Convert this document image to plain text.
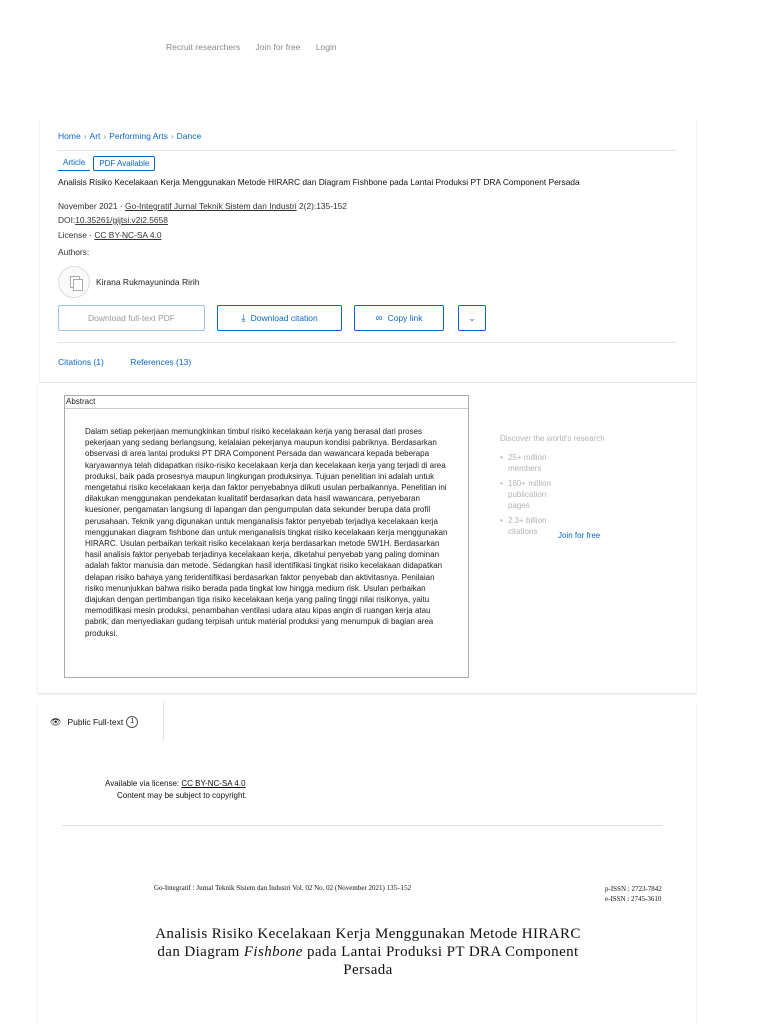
Recruit researchers Join for free Login
Home › Art › Performing Arts › Dance
Article	PDF Available
Analisis Risiko Kecelakaan Kerja Menggunakan Metode HIRARC dan Diagram Fishbone pada Lantai Produksi PT DRA Component Persada
November 2021 · Go-Integratif Jurnal Teknik Sistem dan Industri 2(2):135-152
DOI:10.35261/gijtsi.v2i2.5658
License · CC BY-NC-SA 4.0
Authors:
Kirana Rukmayuninda Ririh
Download full-text PDF	⤓ Download citation	∞ Copy link	⌄
Citations (1)	References (13)
Abstract
Dalam setiap pekerjaan memungkinkan timbul risiko kecelakaan kerja yang berasal dari proses pekerjaan yang sedang berlangsung, kelalaian pekerjanya maupun kondisi pabriknya. Berdasarkan observasi di area lantai produksi PT DRA Component Persada dan wawancara kepada beberapa karyawannya telah didapatkan risiko-risiko kecelakaan kerja dan kecelakaan kerja yang terjadi di area produksi, baik pada prosesnya maupun lingkungan produksinya. Tujuan penelitian ini adalah untuk mengetahui risiko kecelakaan kerja dan faktor penyebabnya diikuti usulan perbaikannya. Penelitian ini dilakukan menggunakan pendekatan kualitatif berdasarkan data hasil wawancara, penyebaran kuesioner, pengamatan langsung di lapangan dan pengumpulan data sekunder berupa data profil perusahaan. Teknik yang digunakan untuk menganalisis faktor penyebab terjadiya kecelakaan kerja menggunakan diagram fishbone dan untuk menganalisis tingkat risiko kecelakaan kerja menggunakan HIRARC. Usulan perbaikan terkait risiko kecelakaan kerja berdasarkan metode 5W1H. Berdasarkan hasil analisis faktor penyebab terjadinya kecelakaan kerja, diketahui penyebab yang paling dominan adalah faktor manusia dan metode. Sedangkan hasil identifikasi tingkat risiko kecelakaan didapatkan delapan risiko bahaya yang teridentifikasi berdasarkan faktor penyebab dan aktivitasnya. Penilaian risiko menunjukkan bahwa risiko berada pada tingkat low hingga medium risk. Usulan perbaikan diajukan dengan pertimbangan tiga risiko kecelakaan kerja yang paling tinggi nilai risikonya, yaitu memodifikasi mesin produksi, penambahan ventilasi udara atau kipas angin di ruangan kerja atau pabrik, dan menyediakan gudang terpisah untuk material produksi yang menumpuk di bagian area produksi.
Discover the world's research
• 25+ million members
• 160+ million publication pages
• 2.3+ billion citations	Join for free
👁 Public Full-text	1
Available via license: CC BY-NC-SA 4.0
Content may be subject to copyright.
Go-Integratif : Jurnal Teknik Sistem dan Industri Vol. 02 No. 02 (November 2021) 135–152	p-ISSN : 2723-7842
e-ISSN : 2745-3610
Analisis Risiko Kecelakaan Kerja Menggunakan Metode HIRARC dan Diagram Fishbone pada Lantai Produksi PT DRA Component Persada
